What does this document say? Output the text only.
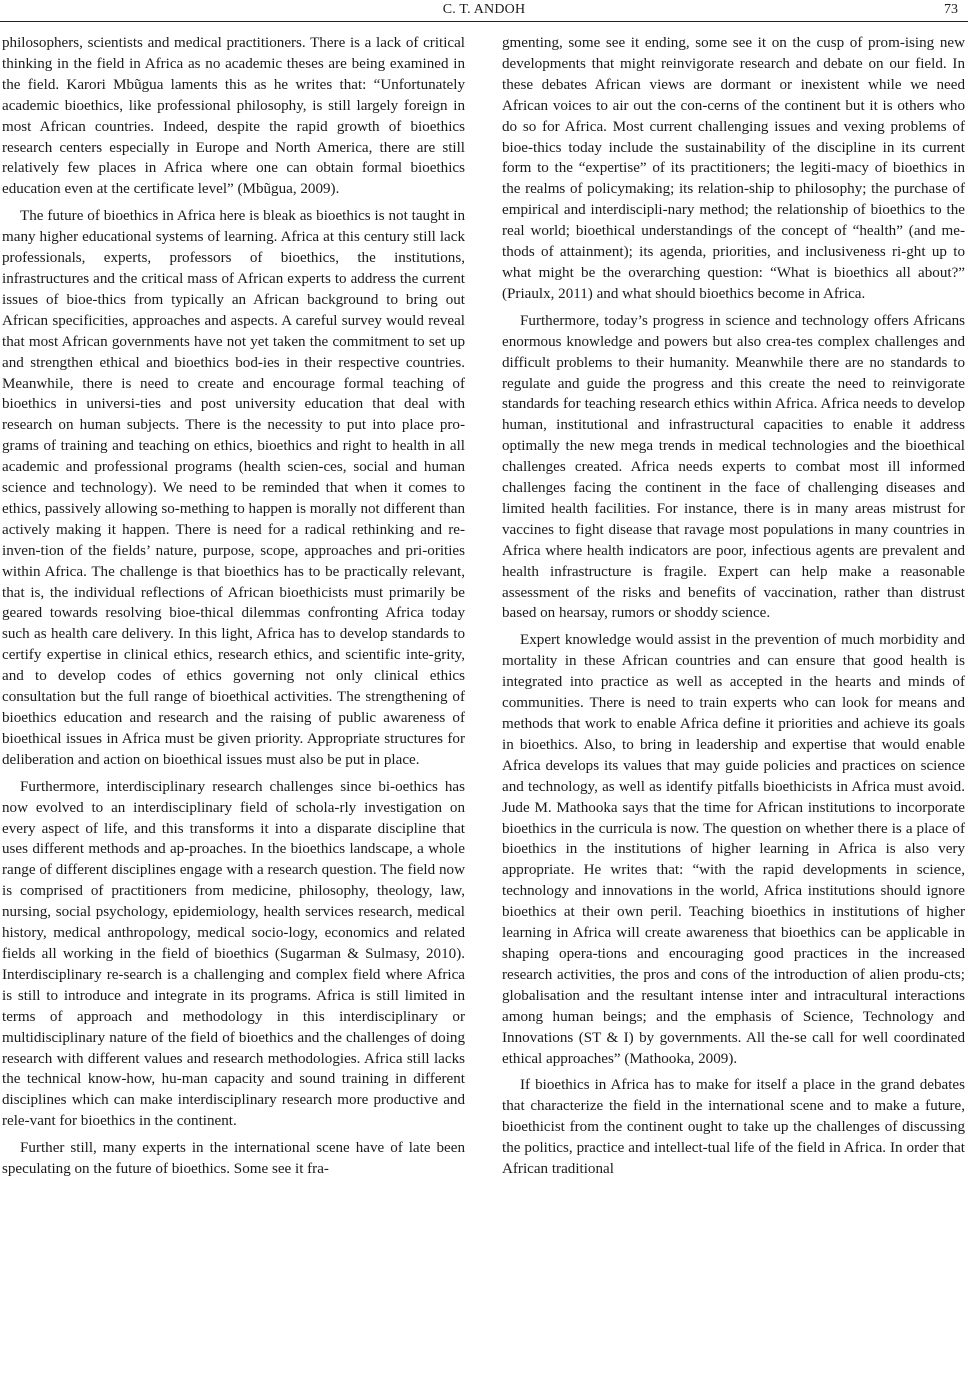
C. T. ANDOH	73

philosophers, scientists and medical practitioners. There is a lack of critical thinking in the field in Africa as no academic theses are being examined in the field. Karori Mbũgua laments this as he writes that: “Unfortunately academic bioethics, like professional philosophy, is still largely foreign in most African countries. Indeed, despite the rapid growth of bioethics research centers especially in Europe and North America, there are still relatively few places in Africa where one can obtain formal bioethics education even at the certificate level” (Mbũgua, 2009).

The future of bioethics in Africa here is bleak as bioethics is not taught in many higher educational systems of learning. Africa at this century still lack professionals, experts, professors of bioethics, the institutions, infrastructures and the critical mass of African experts to address the current issues of bioe-thics from typically an African background to bring out African specificities, approaches and aspects. A careful survey would reveal that most African governments have not yet taken the commitment to set up and strengthen ethical and bioethics bod-ies in their respective countries. Meanwhile, there is need to create and encourage formal teaching of bioethics in universi-ties and post university education that deal with research on human subjects. There is the necessity to put into place pro-grams of training and teaching on ethics, bioethics and right to health in all academic and professional programs (health scien-ces, social and human science and technology). We need to be reminded that when it comes to ethics, passively allowing so-mething to happen is morally not different than actively making it happen. There is need for a radical rethinking and re-inven-tion of the fields’ nature, purpose, scope, approaches and pri-orities within Africa. The challenge is that bioethics has to be practically relevant, that is, the individual reflections of African bioethicists must primarily be geared towards resolving bioe-thical dilemmas confronting Africa today such as health care delivery. In this light, Africa has to develop standards to certify expertise in clinical ethics, research ethics, and scientific inte-grity, and to develop codes of ethics governing not only clinical ethics consultation but the full range of bioethical activities. The strengthening of bioethics education and research and the raising of public awareness of bioethical issues in Africa must be given priority. Appropriate structures for deliberation and action on bioethical issues must also be put in place.

Furthermore, interdisciplinary research challenges since bi-oethics has now evolved to an interdisciplinary field of schola-rly investigation on every aspect of life, and this transforms it into a disparate discipline that uses different methods and ap-proaches. In the bioethics landscape, a whole range of different disciplines engage with a research question. The field now is comprised of practitioners from medicine, philosophy, theology, law, nursing, social psychology, epidemiology, health services research, medical history, medical anthropology, medical socio-logy, economics and related fields all working in the field of bioethics (Sugarman & Sulmasy, 2010). Interdisciplinary re-search is a challenging and complex field where Africa is still to introduce and integrate in its programs. Africa is still limited in terms of approach and methodology in this interdisciplinary or multidisciplinary nature of the field of bioethics and the challenges of doing research with different values and research methodologies. Africa still lacks the technical know-how, hu-man capacity and sound training in different disciplines which can make interdisciplinary research more productive and rele-vant for bioethics in the continent.

Further still, many experts in the international scene have of late been speculating on the future of bioethics. Some see it fra-

gmenting, some see it ending, some see it on the cusp of prom-ising new developments that might reinvigorate research and debate on our field. In these debates African views are dormant or inexistent while we need African voices to air out the con-cerns of the continent but it is others who do so for Africa. Most current challenging issues and vexing problems of bioe-thics today include the sustainability of the discipline in its current form to the “expertise” of its practitioners; the legiti-macy of bioethics in the realms of policymaking; its relation-ship to philosophy; the purchase of empirical and interdiscipli-nary method; the relationship of bioethics to the real world; bioethical understandings of the concept of “health” (and me-thods of attainment); its agenda, priorities, and inclusiveness ri-ght up to what might be the overarching question: “What is bioethics all about?” (Priaulx, 2011) and what should bioethics become in Africa.

Furthermore, today’s progress in science and technology offers Africans enormous knowledge and powers but also crea-tes complex challenges and difficult problems to their humanity. Meanwhile there are no standards to regulate and guide the progress and this create the need to reinvigorate standards for teaching research ethics within Africa. Africa needs to develop human, institutional and infrastructural capacities to enable it address optimally the new mega trends in medical technologies and the bioethical challenges created. Africa needs experts to combat most ill informed challenges facing the continent in the face of challenging diseases and limited health facilities. For instance, there is in many areas mistrust for vaccines to fight disease that ravage most populations in many countries in Africa where health indicators are poor, infectious agents are prevalent and health infrastructure is fragile. Expert can help make a reasonable assessment of the risks and benefits of vaccination, rather than distrust based on hearsay, rumors or shoddy science.

Expert knowledge would assist in the prevention of much morbidity and mortality in these African countries and can ensure that good health is integrated into practice as well as accepted in the hearts and minds of communities. There is need to train experts who can look for means and methods that work to enable Africa define it priorities and achieve its goals in bioethics. Also, to bring in leadership and expertise that would enable Africa develops its values that may guide policies and practices on science and technology, as well as identify pitfalls bioethicists in Africa must avoid. Jude M. Mathooka says that the time for African institutions to incorporate bioethics in the curricula is now. The question on whether there is a place of bioethics in the institutions of higher learning in Africa is also very appropriate. He writes that: “with the rapid developments in science, technology and innovations in the world, Africa institutions should ignore bioethics at their own peril. Teaching bioethics in institutions of higher learning in Africa will create awareness that bioethics can be applicable in shaping opera-tions and encouraging good practices in the increased research activities, the pros and cons of the introduction of alien produ-cts; globalisation and the resultant intense inter and intracultural interactions among human beings; and the emphasis of Science, Technology and Innovations (ST & I) by governments. All the-se call for well coordinated ethical approaches” (Mathooka, 2009).

If bioethics in Africa has to make for itself a place in the grand debates that characterize the field in the international scene and to make a future, bioethicist from the continent ought to take up the challenges of discussing the politics, practice and intellect-tual life of the field in Africa. In order that African traditional
